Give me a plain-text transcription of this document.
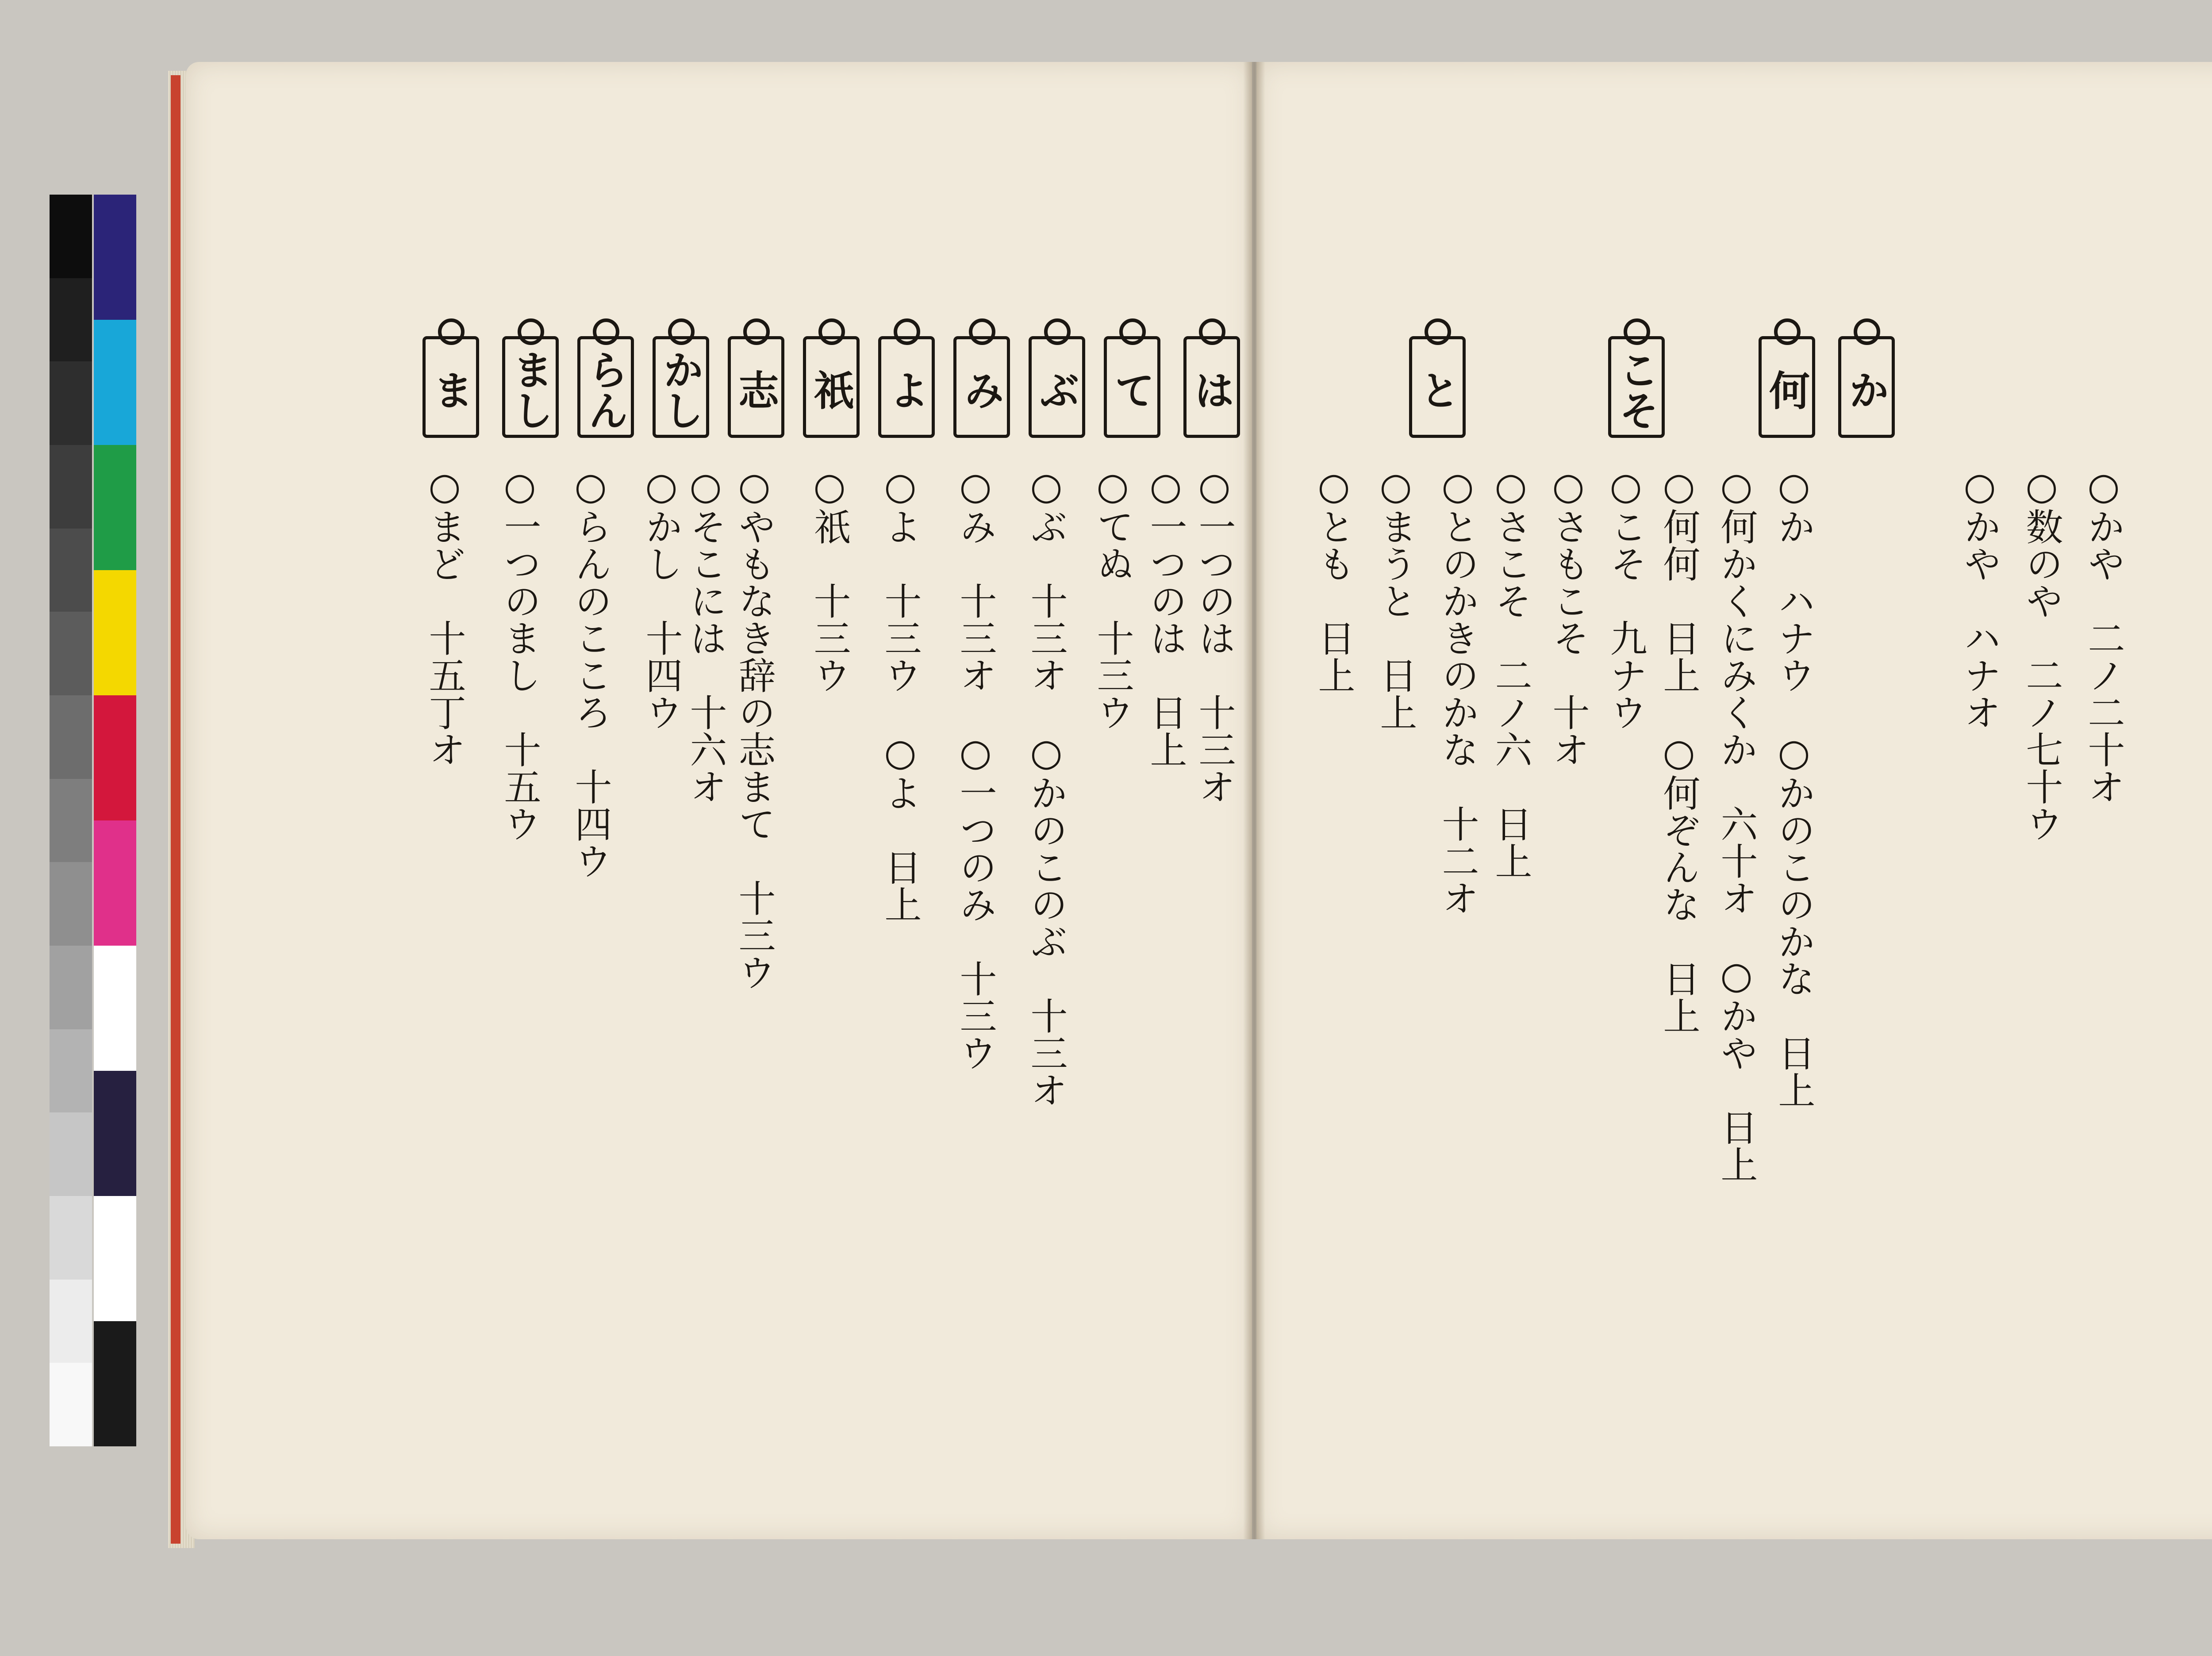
か
○かや　二ノ二十オ
○数のや　二ノ七十ウ
○かや　ハナオ
何
○か　ハナウ　○かのこのかな　日上
○何かくにみくか　六十オ　○かや　日上
○何何　日上　○何ぞんな　日上
こそ
○こそ　九ナウ
○さもこそ　十オ
○さこそ　二ノ六　日上
と
○とのかきのかな　十二オ
○まうと　日上
○とも　日上
は
○一つのは　十三オ
○一つのは　日上
て
○てぬ　十三ウ
ぶ
○ぶ　十三オ　○かのこのぶ　十三オ
み
○み　十三オ　○一つのみ　十三ウ
よ
○よ　十三ウ　○よ　日上
祇
○祇　十三ウ
志
○やもなき辞の志まて　十三ウ
○そこには　十六オ
かし
○かし　十四ウ
らん
○らんのこころ　十四ウ
まし
○一つのまし　十五ウ
ま
○まど　十五丁オ
